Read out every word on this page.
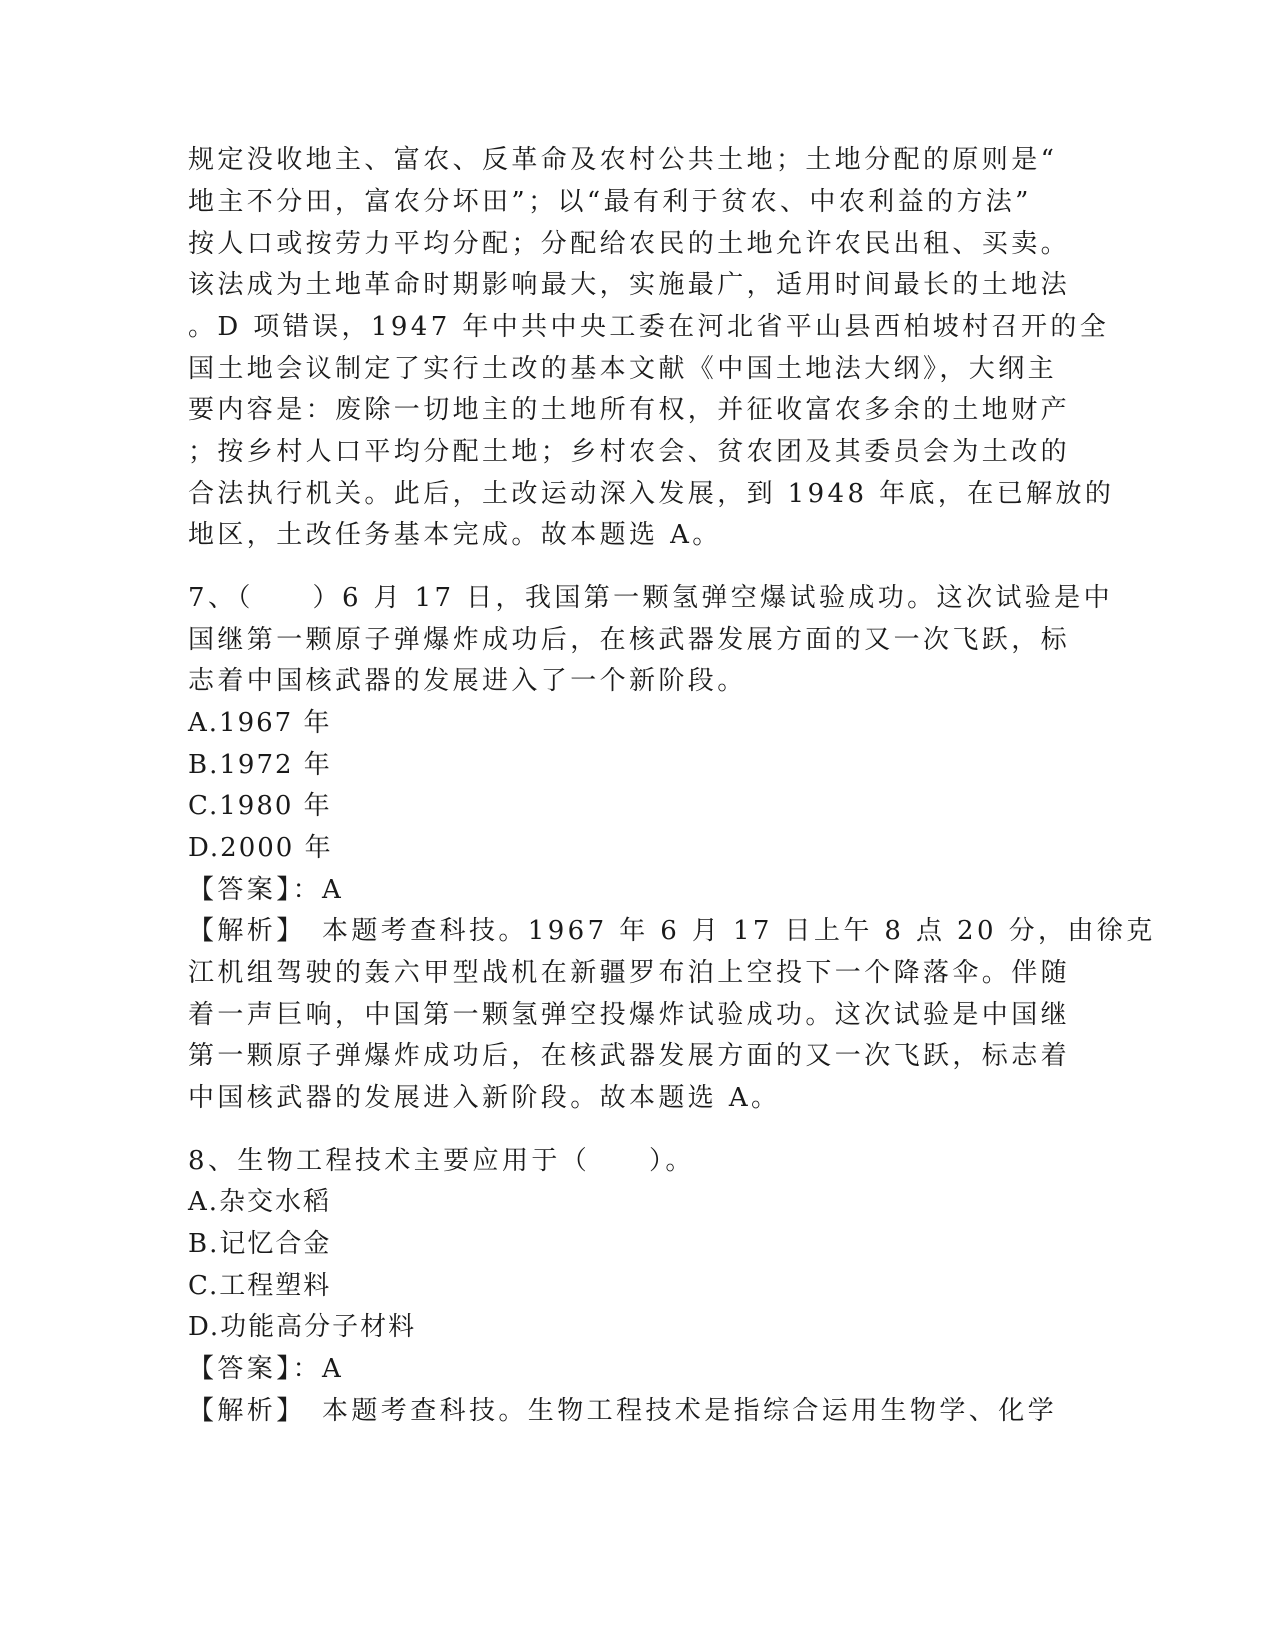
规定没收地主、富农、反革命及农村公共土地；土地分配的原则是“
地主不分田，富农分坏田”；以“最有利于贫农、中农利益的方法”
按人口或按劳力平均分配；分配给农民的土地允许农民出租、买卖。
该法成为土地革命时期影响最大，实施最广，适用时间最长的土地法
。D 项错误，1947 年中共中央工委在河北省平山县西柏坡村召开的全
国土地会议制定了实行土改的基本文献《中国土地法大纲》，大纲主
要内容是：废除一切地主的土地所有权，并征收富农多余的土地财产
；按乡村人口平均分配土地；乡村农会、贫农团及其委员会为土改的
合法执行机关。此后，土改运动深入发展，到 1948 年底，在已解放的
地区，土改任务基本完成。故本题选 A。
7、（　　）6 月 17 日，我国第一颗氢弹空爆试验成功。这次试验是中
国继第一颗原子弹爆炸成功后，在核武器发展方面的又一次飞跃，标
志着中国核武器的发展进入了一个新阶段。
A.1967 年
B.1972 年
C.1980 年
D.2000 年
【答案】：A
【解析】　本题考查科技。1967 年 6 月 17 日上午 8 点 20 分，由徐克
江机组驾驶的轰六甲型战机在新疆罗布泊上空投下一个降落伞。伴随
着一声巨响，中国第一颗氢弹空投爆炸试验成功。这次试验是中国继
第一颗原子弹爆炸成功后，在核武器发展方面的又一次飞跃，标志着
中国核武器的发展进入新阶段。故本题选 A。
8、生物工程技术主要应用于（　　）。
A.杂交水稻
B.记忆合金
C.工程塑料
D.功能高分子材料
【答案】：A
【解析】　本题考查科技。生物工程技术是指综合运用生物学、化学
